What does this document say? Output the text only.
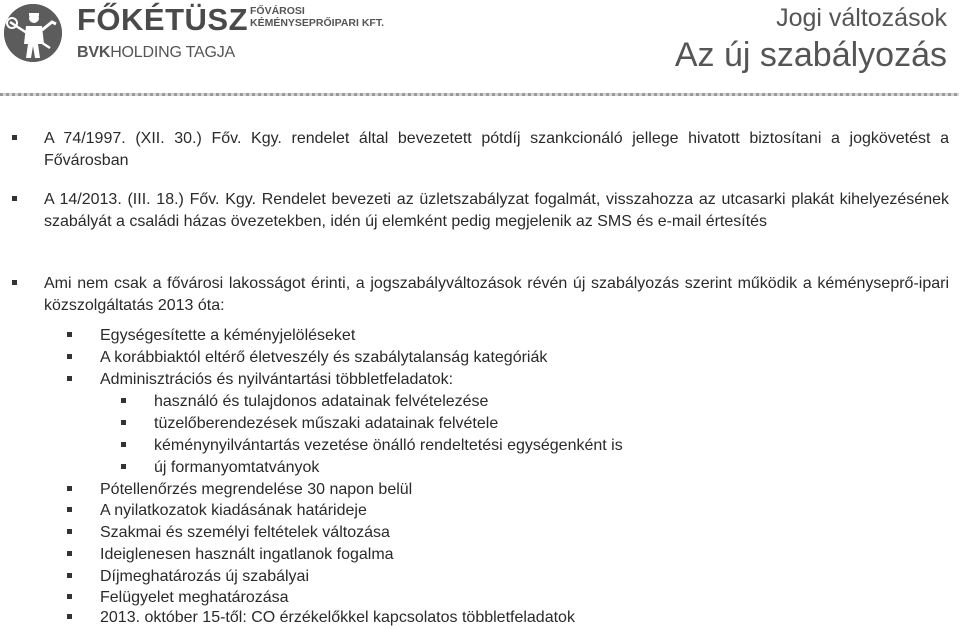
FŐKÉTÜSZ FŐVÁROSI
KÉMÉNYSEPRŐIPARI KFT.
BVKHOLDING TAGJA
Jogi változások
Az új szabályozás
A 74/1997. (XII. 30.) Főv. Kgy. rendelet által bevezetett pótdíj szankcionáló jellege hivatott biztosítani a jogkövetést a Fővárosban
A 14/2013. (III. 18.) Főv. Kgy. Rendelet bevezeti az üzletszabályzat fogalmát, visszahozza az utcasarki plakát kihelyezésének szabályát a családi házas övezetekben, idén új elemként pedig megjelenik az SMS és e-mail értesítés
Ami nem csak a fővárosi lakosságot érinti, a jogszabályváltozások révén új szabályozás szerint működik a kéményseprő-ipari közszolgáltatás 2013 óta:
Egységesítette a kéményjelöléseket
A korábbiaktól eltérő életveszély és szabálytalanság kategóriák
Adminisztrációs és nyilvántartási többletfeladatok:
használó és tulajdonos adatainak felvételezése
tüzelőberendezések műszaki adatainak felvétele
kéménynyilvántartás vezetése önálló rendeltetési egységenként is
új formanyomtatványok
Pótellenőrzés megrendelése 30 napon belül
A nyilatkozatok kiadásának határideje
Szakmai és személyi feltételek változása
Ideiglenesen használt ingatlanok fogalma
Díjmeghatározás új szabályai
Felügyelet meghatározása
2013. október 15-től: CO érzékelőkkel kapcsolatos többletfeladatok
